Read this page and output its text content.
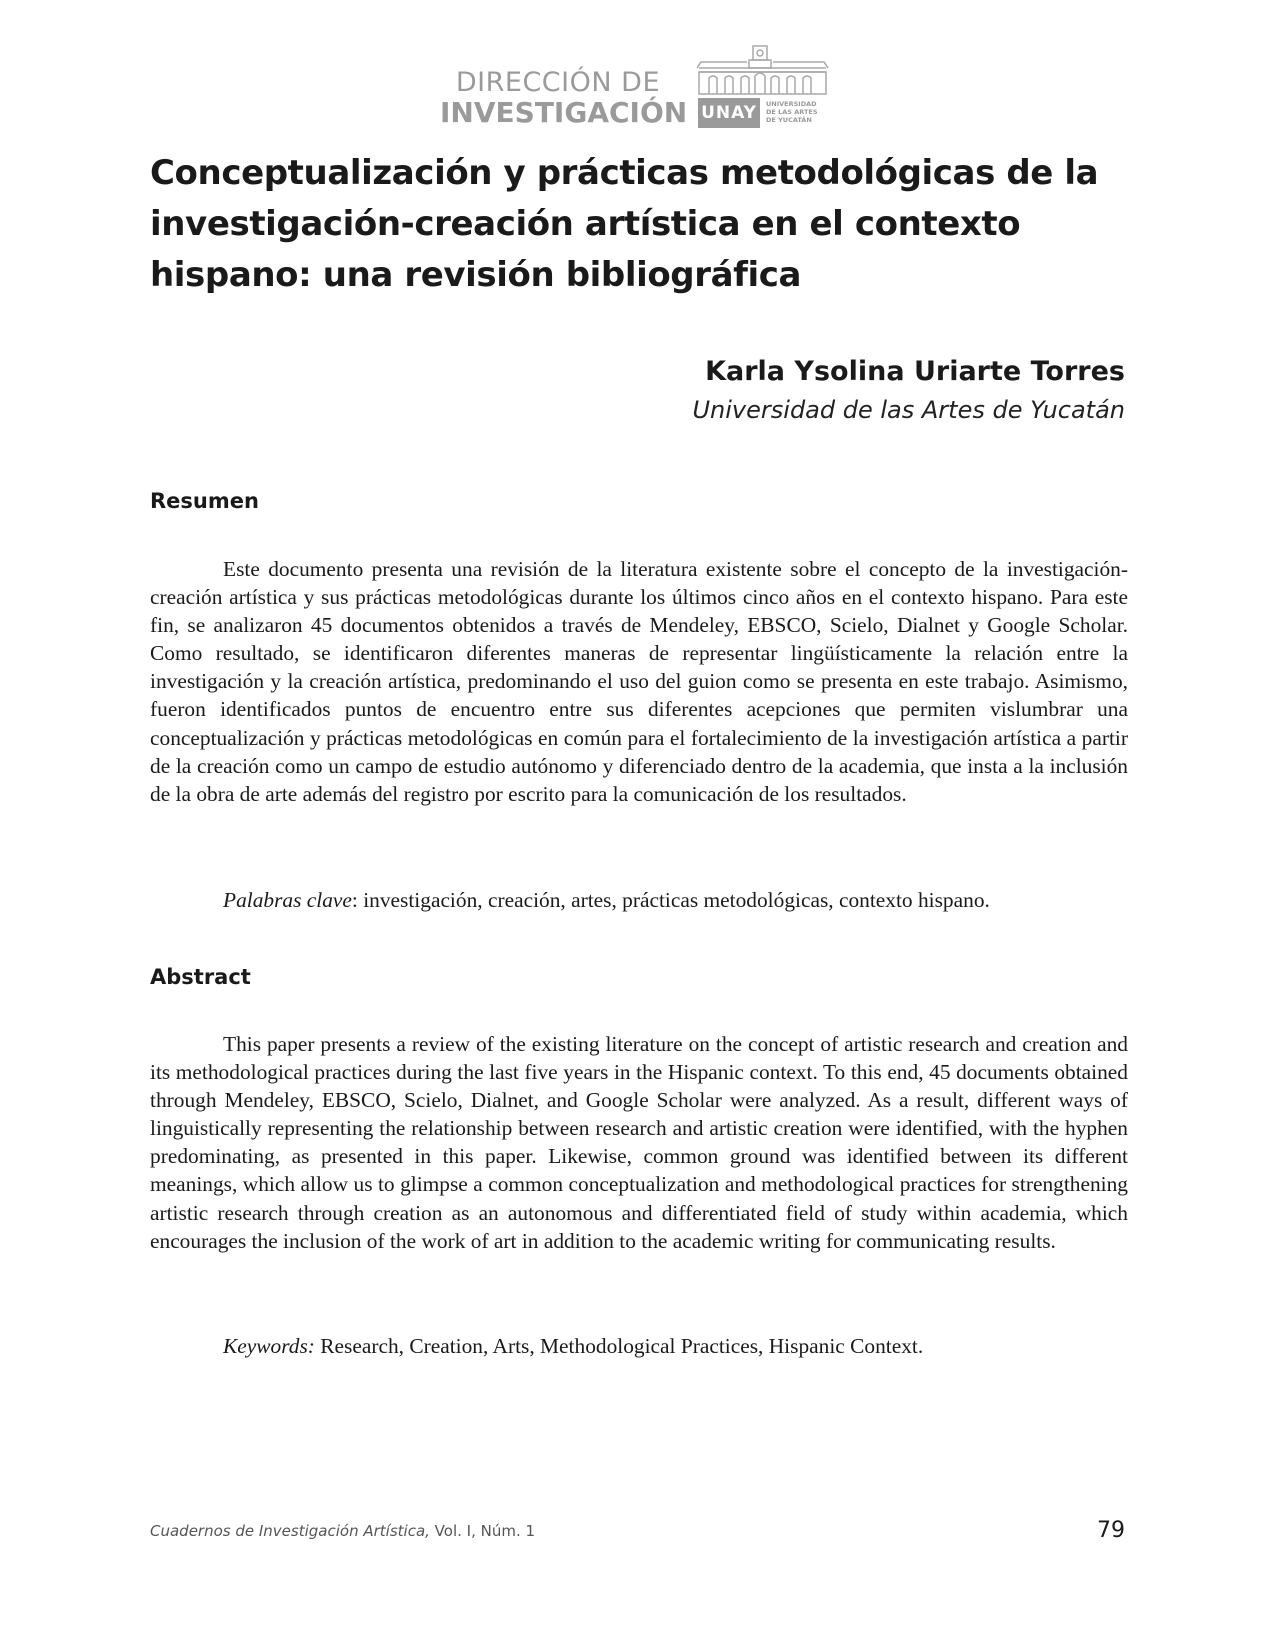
DIRECCIÓN DE
INVESTIGACIÓN UNAY	UNIVERSIDAD
DE LAS ARTES
DE YUCATÁN
Conceptualización y prácticas metodológicas de la investigación-creación artística en el contexto hispano: una revisión bibliográfica
Karla Ysolina Uriarte Torres
Universidad de las Artes de Yucatán
Resumen

Este documento presenta una revisión de la literatura existente sobre el concepto de la investigación-creación artística y sus prácticas metodológicas durante los últimos cinco años en el contexto hispano. Para este fin, se analizaron 45 documentos obtenidos a través de Mendeley, EBSCO, Scielo, Dialnet y Google Scholar. Como resultado, se identificaron diferentes maneras de representar lingüísticamente la relación entre la investigación y la creación artística, predominando el uso del guion como se presenta en este trabajo. Asimismo, fueron identificados puntos de encuentro entre sus diferentes acepciones que permiten vislumbrar una conceptualización y prácticas metodológicas en común para el fortalecimiento de la investigación artística a partir de la creación como un campo de estudio autónomo y diferenciado dentro de la academia, que insta a la inclusión de la obra de arte además del registro por escrito para la comunicación de los resultados.

Palabras clave: investigación, creación, artes, prácticas metodológicas, contexto hispano.

Abstract

This paper presents a review of the existing literature on the concept of artistic research and creation and its methodological practices during the last five years in the Hispanic context. To this end, 45 documents obtained through Mendeley, EBSCO, Scielo, Dialnet, and Google Scholar were analyzed. As a result, different ways of linguistically representing the relationship between research and artistic creation were identified, with the hyphen predominating, as presented in this paper. Likewise, common ground was identified between its different meanings, which allow us to glimpse a common conceptualization and methodological practices for strengthening artistic research through creation as an autonomous and differentiated field of study within academia, which encourages the inclusion of the work of art in addition to the academic writing for communicating results.

Keywords: Research, Creation, Arts, Methodological Practices, Hispanic Context.

Cuadernos de Investigación Artística, Vol. I, Núm. 1	79
